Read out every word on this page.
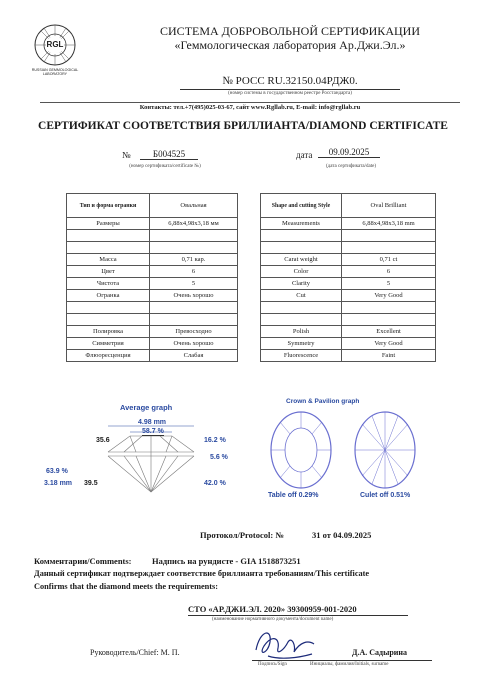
RGL
RUSSIAN GEMMOLOGICAL LABORATORY
СИСТЕМА ДОБРОВОЛЬНОЙ СЕРТИФИКАЦИИ
«Геммологическая лаборатория Ар.Джи.Эл.»
№ РОСС RU.32150.04РДЖ0.
(номер системы в государственном реестре Росстандарта)
Контакты: тел.+7(495)025-03-67, сайт www.Rgllab.ru, E-mail: info@rgllab.ru
СЕРТИФИКАТ СООТВЕТСТВИЯ БРИЛЛИАНТА/DIAMOND CERTIFICATE
№	Б004525
(номер сертификата/certificate №)
дата	09.09.2025
(дата сертификата/date)
Тип и форма огранки	Овальная
Размеры	6,88x4,98x3,18 мм

Масса	0,71 кар.
Цвет	6
Чистота	5
Огранка	Очень хорошо

Полировка	Превосходно
Симметрия	Очень хорошо
Флюоресценция	Слабая
Shape and cutting Style	Oval Brilliant
Measurements	6,88x4,98x3,18 mm

Carat weight	0,71 ct
Color	6
Clarity	5
Cut	Very Good

Polish	Excellent
Symmetry	Very Good
Fluorescence	Faint
Average graph
4.98 mm
58.7 %
35.6	16.2 %
5.6 %
63.9 %
3.18 mm 39.5	42.0 %
Crown & Pavilion graph
Table off 0.29%	Culet off 0.51%
Протокол/Protocol: №	31 от 04.09.2025
Комментарии/Comments: Надпись на рундисте - GIA 1518873251
Данный сертификат подтверждает соответствие бриллианта требованиям/This certificate
Confirms that the diamond meets the requirements:
СТО «АР.ДЖИ.ЭЛ. 2020» 39300959-001-2020
(наименование нормативного документа/document name)
Руководитель/Chief: М. П.	Д.А. Садырина
Подпись/Sign	Инициалы, фамилия/Initials, surname
